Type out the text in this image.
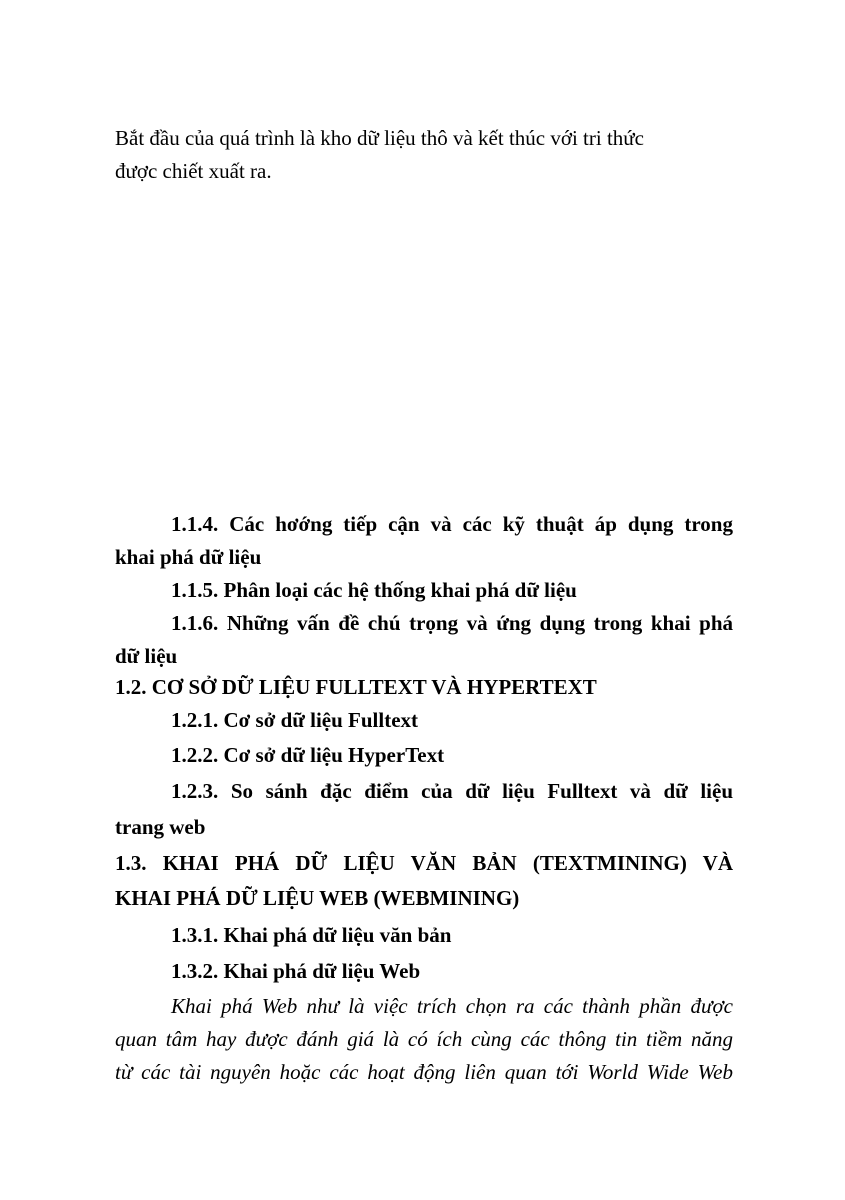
Bắt đầu của quá trình là kho dữ liệu thô và kết thúc với tri thức
được chiết xuất ra.
1.1.4. Các hơớng tiếp cận và các kỹ thuật áp dụng trong
khai phá dữ liệu
1.1.5. Phân loại các hệ thống khai phá dữ liệu
1.1.6. Những vấn đề chú trọng và ứng dụng trong khai phá
dữ liệu
1.2. CƠ SỞ DỮ LIỆU FULLTEXT VÀ HYPERTEXT
1.2.1. Cơ sở dữ liệu Fulltext
1.2.2. Cơ sở dữ liệu HyperText
1.2.3. So sánh đặc điểm của dữ liệu Fulltext và dữ liệu
trang web
1.3. KHAI PHÁ DỮ LIỆU VĂN BẢN (TEXTMINING) VÀ
KHAI PHÁ DỮ LIỆU WEB (WEBMINING)
1.3.1. Khai phá dữ liệu văn bản
1.3.2. Khai phá dữ liệu Web
Khai phá Web như là việc trích chọn ra các thành phần được
quan tâm hay được đánh giá là có ích cùng các thông tin tiềm năng
từ các tài nguyên hoặc các hoạt động liên quan tới World Wide Web
